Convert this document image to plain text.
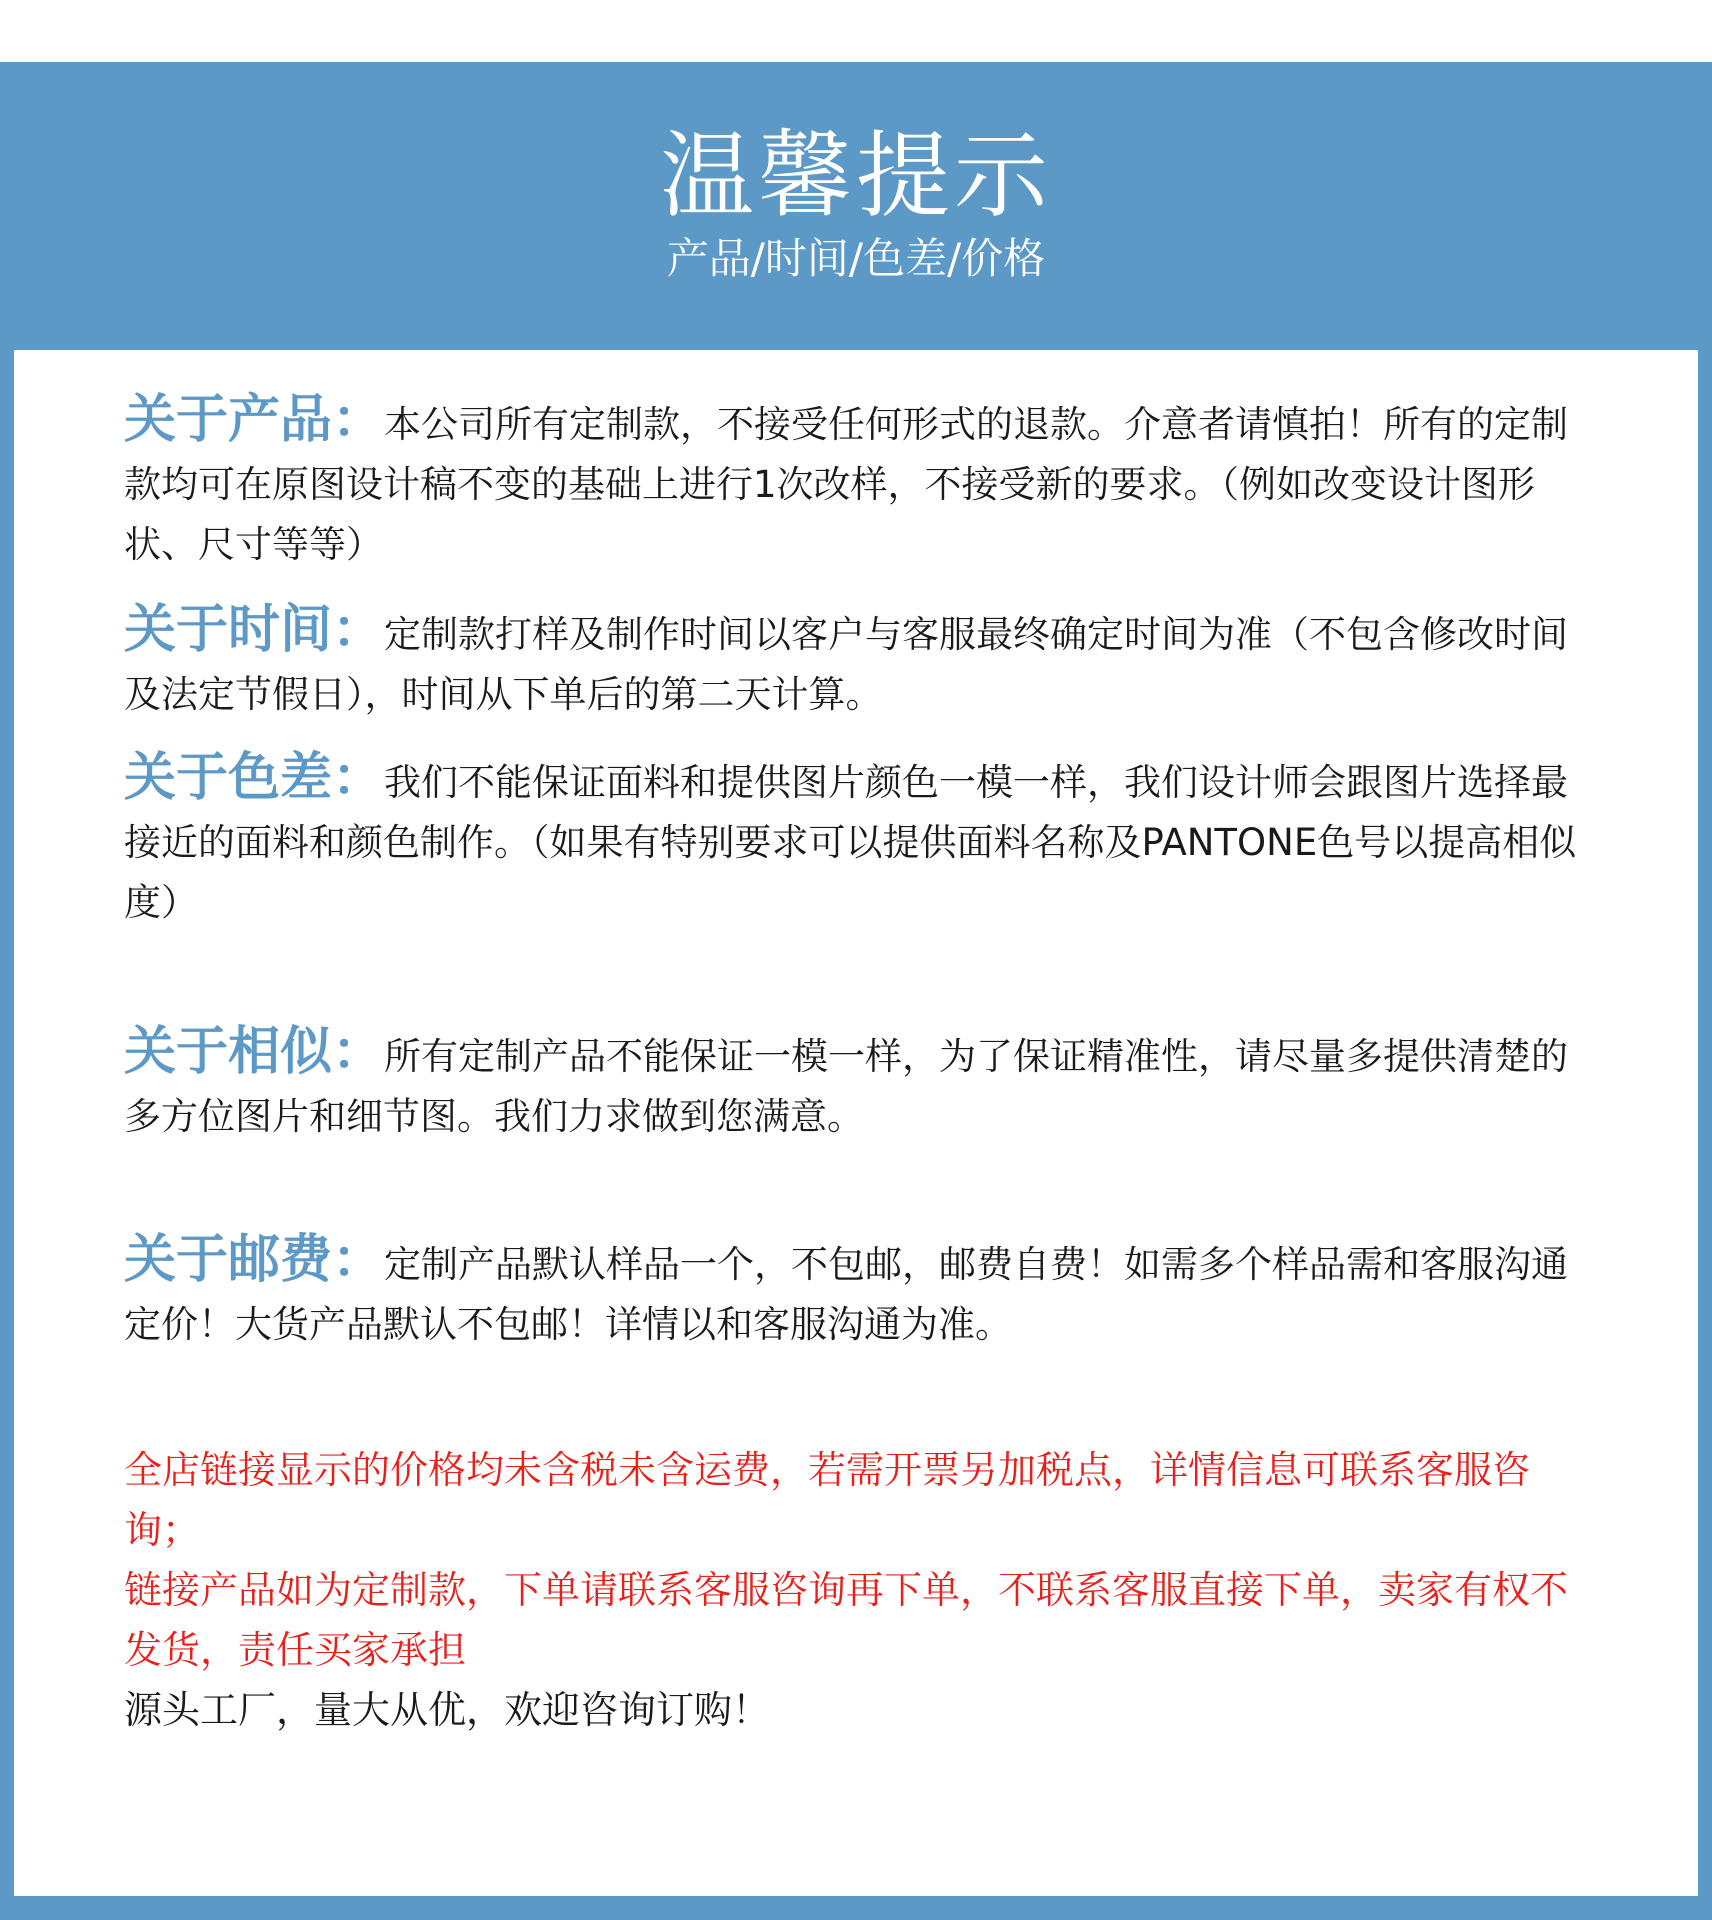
温馨提示
产品/时间/色差/价格
关于产品：本公司所有定制款，不接受任何形式的退款。介意者请慎拍！所有的定制款均可在原图设计稿不变的基础上进行1次改样，不接受新的要求。（例如改变设计图形状、尺寸等等）
关于时间：定制款打样及制作时间以客户与客服最终确定时间为准（不包含修改时间及法定节假日），时间从下单后的第二天计算。
关于色差：我们不能保证面料和提供图片颜色一模一样，我们设计师会跟图片选择最接近的面料和颜色制作。（如果有特别要求可以提供面料名称及PANTONE色号以提高相似度）
关于相似：所有定制产品不能保证一模一样，为了保证精准性，请尽量多提供清楚的多方位图片和细节图。我们力求做到您满意。
关于邮费：定制产品默认样品一个，不包邮，邮费自费！如需多个样品需和客服沟通定价！大货产品默认不包邮！详情以和客服沟通为准。
全店链接显示的价格均未含税未含运费，若需开票另加税点，详情信息可联系客服咨询；
链接产品如为定制款，下单请联系客服咨询再下单，不联系客服直接下单，卖家有权不发货，责任买家承担
源头工厂，量大从优，欢迎咨询订购！
